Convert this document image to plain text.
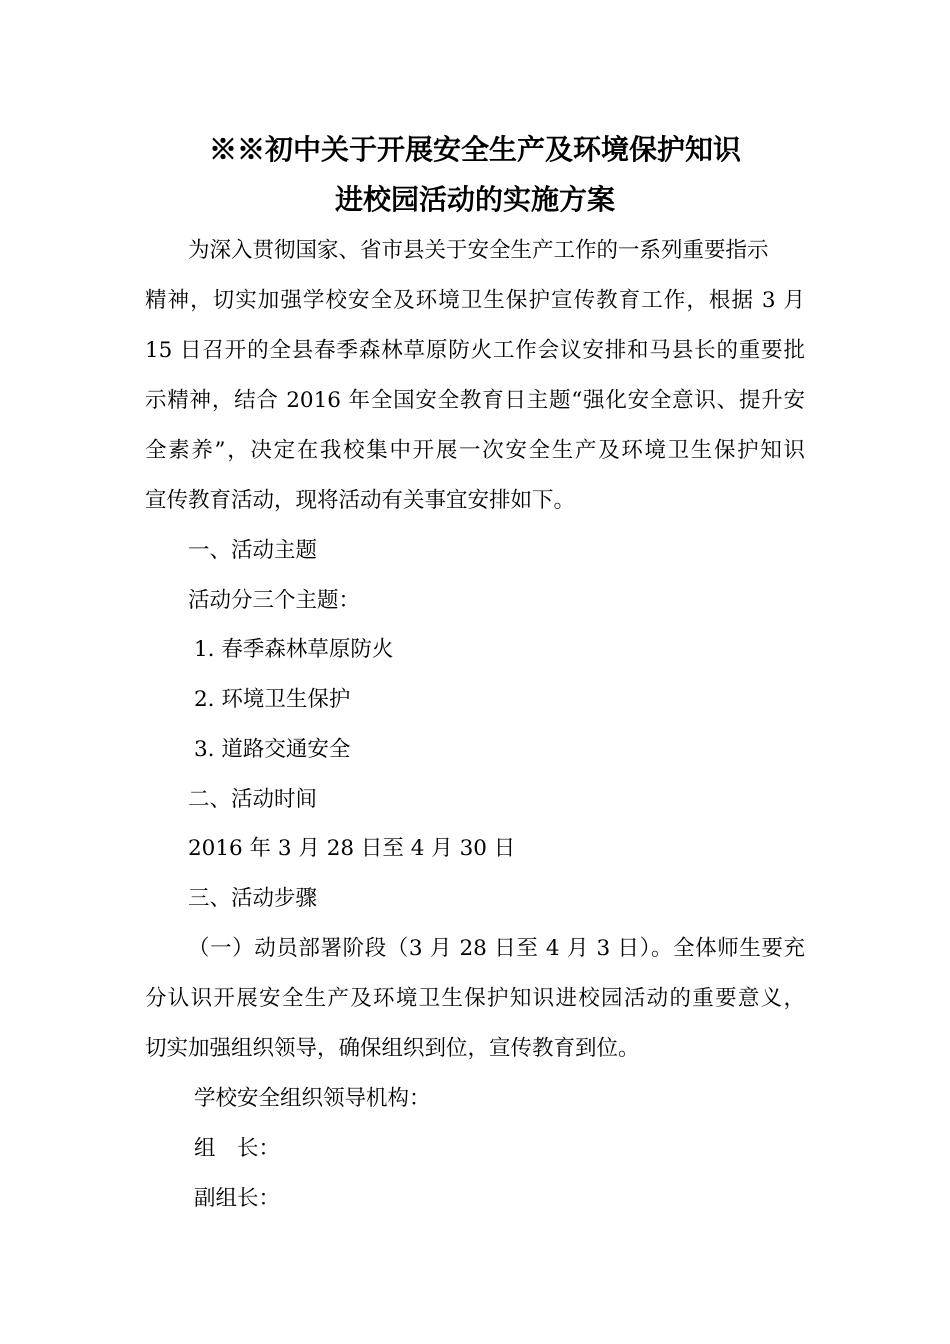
※※初中关于开展安全生产及环境保护知识
进校园活动的实施方案
为深入贯彻国家、省市县关于安全生产工作的一系列重要指示
精神，切实加强学校安全及环境卫生保护宣传教育工作，根据 3 月
15 日召开的全县春季森林草原防火工作会议安排和马县长的重要批
示精神，结合 2016 年全国安全教育日主题“强化安全意识、提升安
全素养”，决定在我校集中开展一次安全生产及环境卫生保护知识
宣传教育活动，现将活动有关事宜安排如下。
一、活动主题
活动分三个主题：
1. 春季森林草原防火
2. 环境卫生保护
3. 道路交通安全
二、活动时间
2016 年 3 月 28 日至 4 月 30 日
三、活动步骤
（一）动员部署阶段（3 月 28 日至 4 月 3 日）。全体师生要充
分认识开展安全生产及环境卫生保护知识进校园活动的重要意义，
切实加强组织领导，确保组织到位，宣传教育到位。
学校安全组织领导机构：
组　长：
副组长：
